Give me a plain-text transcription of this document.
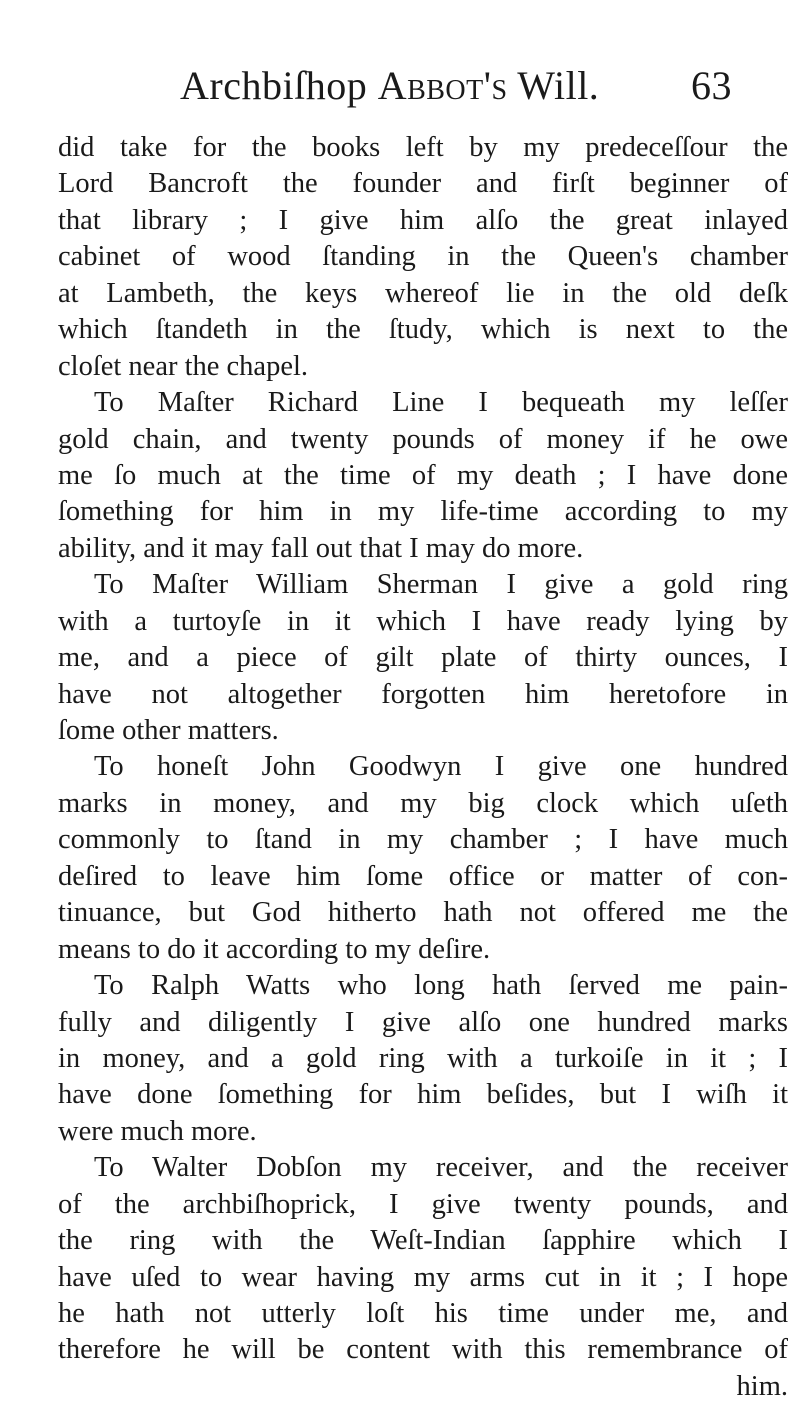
Archbiſhop Abbot's Will. 63
did take for the books left by my predeceſſour the
Lord Bancroft the founder and firſt beginner of
that library ; I give him alſo the great inlayed
cabinet of wood ſtanding in the Queen's chamber
at Lambeth, the keys whereof lie in the old deſk
which ſtandeth in the ſtudy, which is next to the
cloſet near the chapel.
To Maſter Richard Line I bequeath my leſſer
gold chain, and twenty pounds of money if he owe
me ſo much at the time of my death ; I have done
ſomething for him in my life-time according to my
ability, and it may fall out that I may do more.
To Maſter William Sherman I give a gold ring
with a turtoyſe in it which I have ready lying by
me, and a piece of gilt plate of thirty ounces, I
have not altogether forgotten him heretofore in
ſome other matters.
To honeſt John Goodwyn I give one hundred
marks in money, and my big clock which uſeth
commonly to ſtand in my chamber ; I have much
deſired to leave him ſome office or matter of con-
tinuance, but God hitherto hath not offered me the
means to do it according to my deſire.
To Ralph Watts who long hath ſerved me pain-
fully and diligently I give alſo one hundred marks
in money, and a gold ring with a turkoiſe in it ; I
have done ſomething for him beſides, but I wiſh it
were much more.
To Walter Dobſon my receiver, and the receiver
of the archbiſhoprick, I give twenty pounds, and
the ring with the Weſt-Indian ſapphire which I
have uſed to wear having my arms cut in it ; I hope
he hath not utterly loſt his time under me, and
therefore he will be content with this remembrance of
him.
